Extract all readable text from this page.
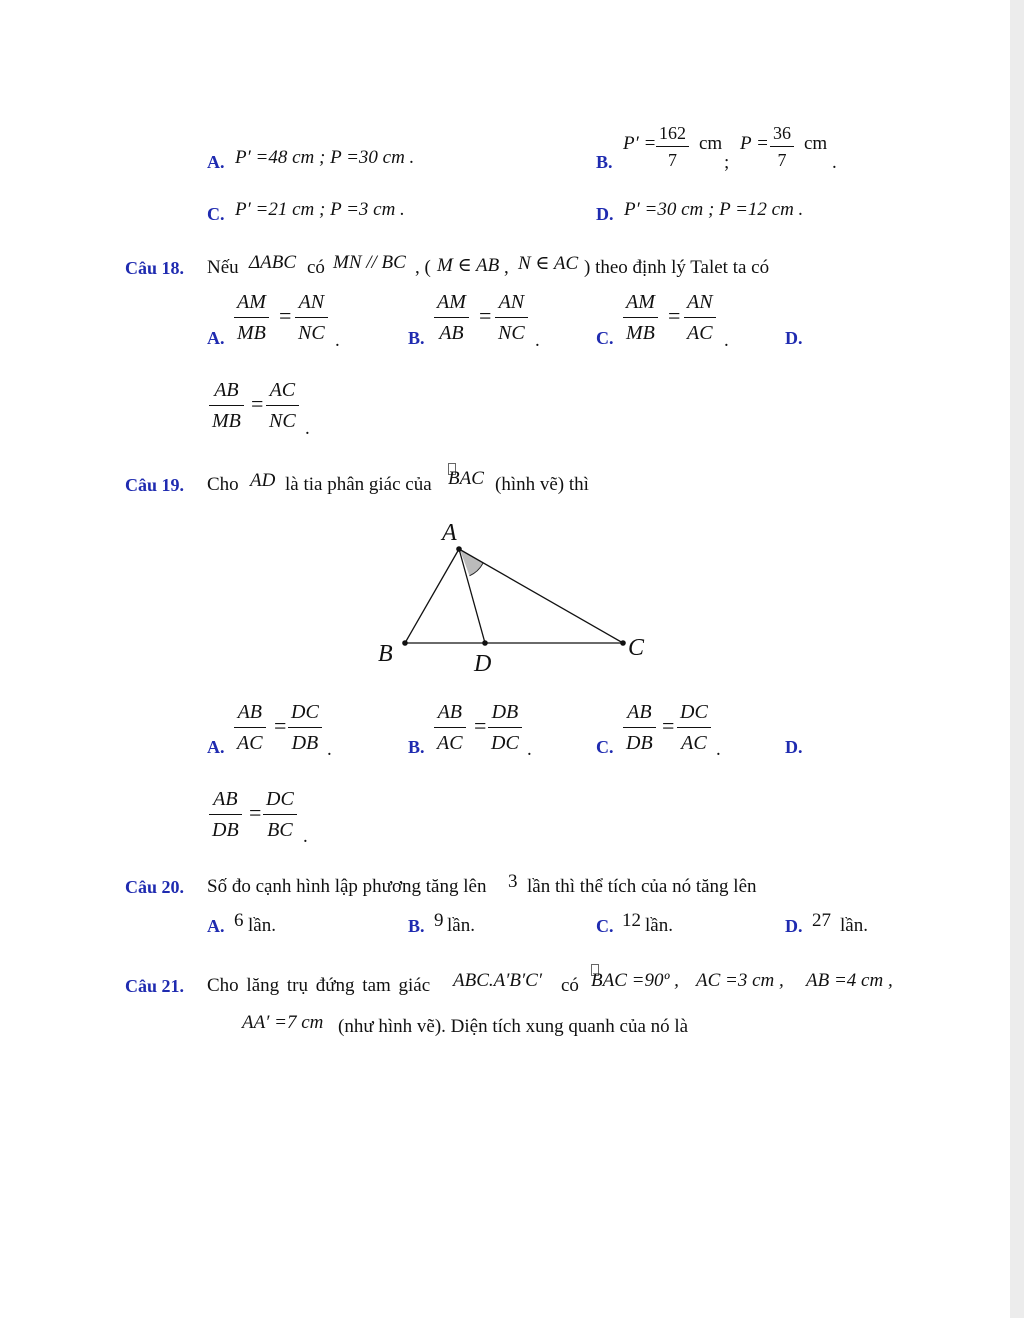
A. P′ =48 cm ; P =30 cm .	B.
$P' = \frac{162}{7}$ cm
;
$P = \frac{36}{7}$ cm
.
C. P′ =21 cm ; P =3 cm .	D. P′ =30 cm ; P =12 cm .
Câu 18. Nếu ΔABC có MN // BC , ( M ∈ AB , N ∈ AC ) theo định lý Talet ta có
A. $\frac{AM}{MB} = \frac{AN}{NC}$ .	B. $\frac{AM}{AB} = \frac{AN}{NC}$ .	C. $\frac{AM}{MB} = \frac{AN}{AC}$ .	D.
$\frac{AB}{MB} = \frac{AC}{NC}$ .
Câu 19. Cho AD là tia phân giác của BAC (hình vẽ) thì
A
B	C
D
A. $\frac{AB}{AC} = \frac{DC}{DB}$ .	B. $\frac{AB}{AC} = \frac{DB}{DC}$ .	C. $\frac{AB}{DB} = \frac{DC}{AC}$ .	D.
$\frac{AB}{DB} = \frac{DC}{BC}$ .
Câu 20. Số đo cạnh hình lập phương tăng lên 3 lần thì thể tích của nó tăng lên
A. 6 lần.	B. 9 lần.	C. 12 lần.	D. 27 lần.
Câu 21. Cho lăng trụ đứng tam giác ABC.A′B′C′ có BAC =90º , AC =3 cm , AB =4 cm ,
AA′ =7 cm (như hình vẽ). Diện tích xung quanh của nó là
